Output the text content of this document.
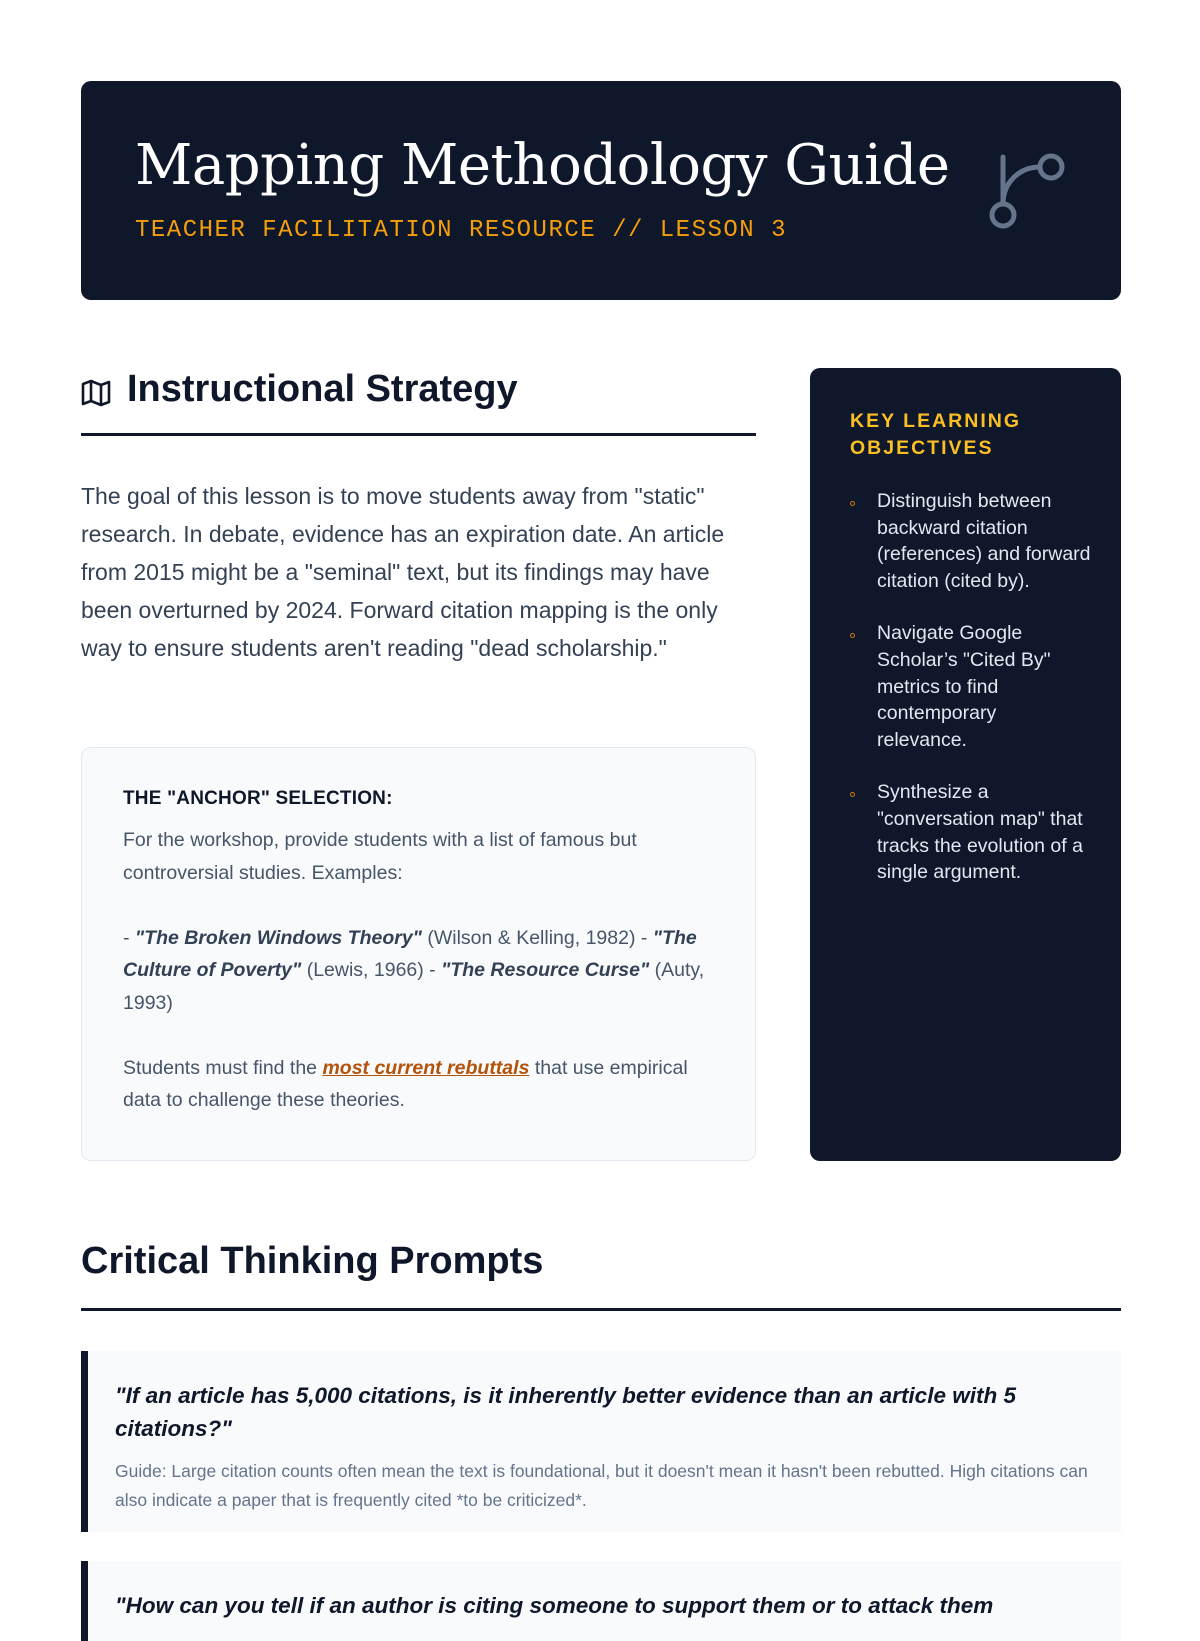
Mapping Methodology Guide
TEACHER FACILITATION RESOURCE // LESSON 3
Instructional Strategy

The goal of this lesson is to move students away from "static" research. In debate, evidence has an expiration date. An article from 2015 might be a "seminal" text, but its findings may have been overturned by 2024. Forward citation mapping is the only way to ensure students aren't reading "dead scholarship."

THE "ANCHOR" SELECTION:

For the workshop, provide students with a list of famous but controversial studies. Examples:

- "The Broken Windows Theory" (Wilson & Kelling, 1982) - "The Culture of Poverty" (Lewis, 1966) - "The Resource Curse" (Auty, 1993)

Students must find the most current rebuttals that use empirical data to challenge these theories.

KEY LEARNING OBJECTIVES
Distinguish between backward citation (references) and forward citation (cited by).
Navigate Google Scholar’s "Cited By" metrics to find contemporary relevance.
Synthesize a "conversation map" that tracks the evolution of a single argument.
Critical Thinking Prompts

"If an article has 5,000 citations, is it inherently better evidence than an article with 5 citations?"

Guide: Large citation counts often mean the text is foundational, but it doesn't mean it hasn't been rebutted. High citations can also indicate a paper that is frequently cited *to be criticized*.

"How can you tell if an author is citing someone to support them or to attack them
